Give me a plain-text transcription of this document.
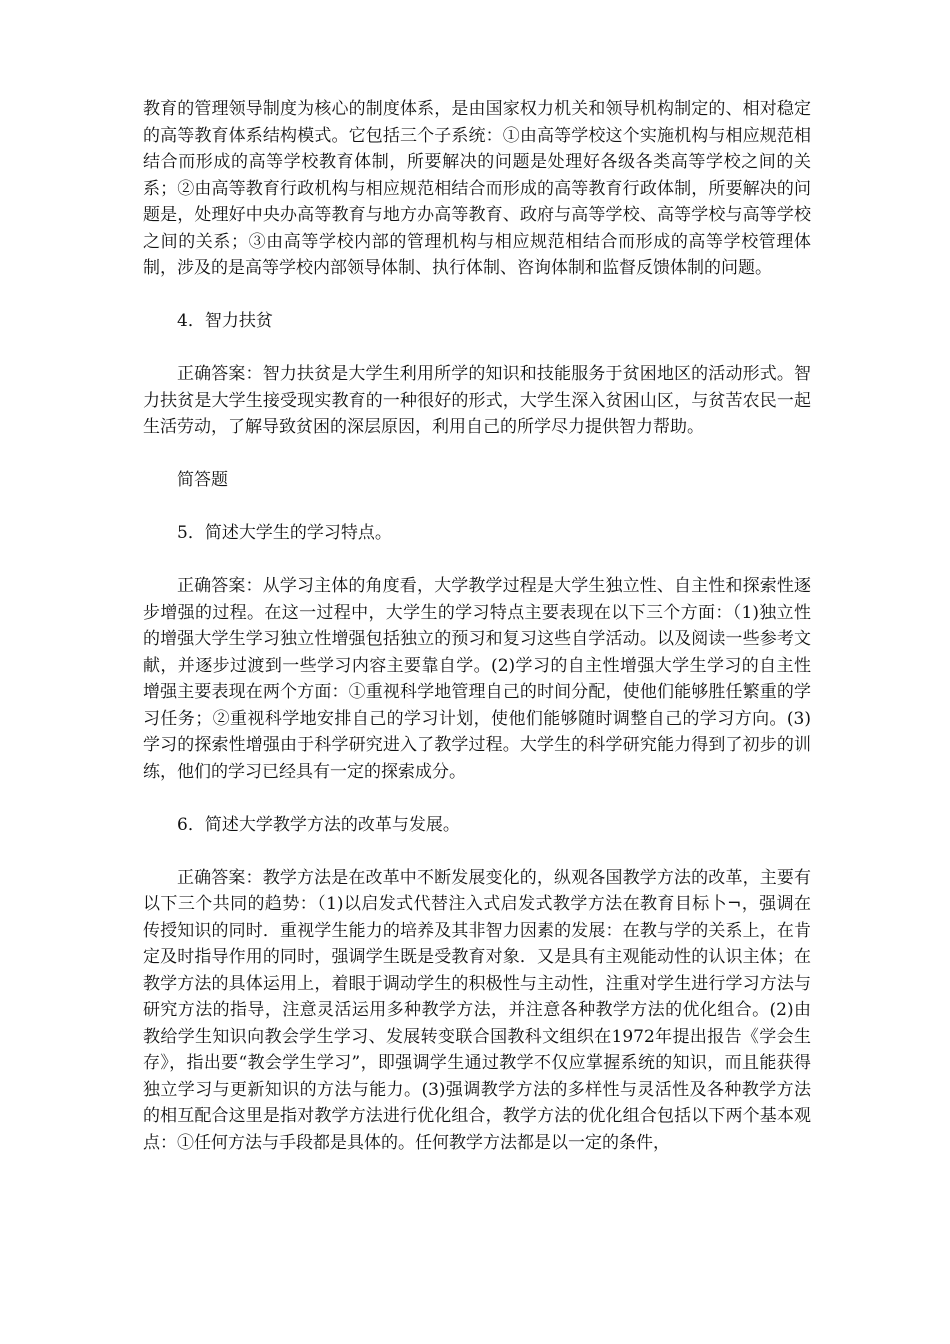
教育的管理领导制度为核心的制度体系，是由国家权力机关和领导机构制定的、相对稳定的高等教育体系结构模式。它包括三个子系统：①由高等学校这个实施机构与相应规范相结合而形成的高等学校教育体制，所要解决的问题是处理好各级各类高等学校之间的关系；②由高等教育行政机构与相应规范相结合而形成的高等教育行政体制，所要解决的问题是，处理好中央办高等教育与地方办高等教育、政府与高等学校、高等学校与高等学校之间的关系；③由高等学校内部的管理机构与相应规范相结合而形成的高等学校管理体制，涉及的是高等学校内部领导体制、执行体制、咨询体制和监督反馈体制的问题。

4．智力扶贫

正确答案：智力扶贫是大学生利用所学的知识和技能服务于贫困地区的活动形式。智力扶贫是大学生接受现实教育的一种很好的形式，大学生深入贫困山区，与贫苦农民一起生活劳动，了解导致贫困的深层原因，利用自己的所学尽力提供智力帮助。

简答题

5．简述大学生的学习特点。

正确答案：从学习主体的角度看，大学教学过程是大学生独立性、自主性和探索性逐步增强的过程。在这一过程中，大学生的学习特点主要表现在以下三个方面：（1)独立性的增强大学生学习独立性增强包括独立的预习和复习这些自学活动。以及阅读一些参考文献，并逐步过渡到一些学习内容主要靠自学。(2)学习的自主性增强大学生学习的自主性增强主要表现在两个方面：①重视科学地管理自己的时间分配，使他们能够胜任繁重的学习任务；②重视科学地安排自己的学习计划，使他们能够随时调整自己的学习方向。(3)学习的探索性增强由于科学研究进入了教学过程。大学生的科学研究能力得到了初步的训练，他们的学习已经具有一定的探索成分。

6．简述大学教学方法的改革与发展。

正确答案：教学方法是在改革中不断发展变化的，纵观各国教学方法的改革，主要有以下三个共同的趋势：（1)以启发式代替注入式启发式教学方法在教育目标卜¬，强调在传授知识的同时．重视学生能力的培养及其非智力因素的发展：在教与学的关系上，在肯定及时指导作用的同时，强调学生既是受教育对象．又是具有主观能动性的认识主体；在教学方法的具体运用上，着眼于调动学生的积极性与主动性，注重对学生进行学习方法与研究方法的指导，注意灵活运用多种教学方法，并注意各种教学方法的优化组合。(2)由教给学生知识向教会学生学习、发展转变联合国教科文组织在1972年提出报告《学会生存》，指出要“教会学生学习”，即强调学生通过教学不仅应掌握系统的知识，而且能获得独立学习与更新知识的方法与能力。(3)强调教学方法的多样性与灵活性及各种教学方法的相互配合这里是指对教学方法进行优化组合，教学方法的优化组合包括以下两个基本观点：①任何方法与手段都是具体的。任何教学方法都是以一定的条件，
